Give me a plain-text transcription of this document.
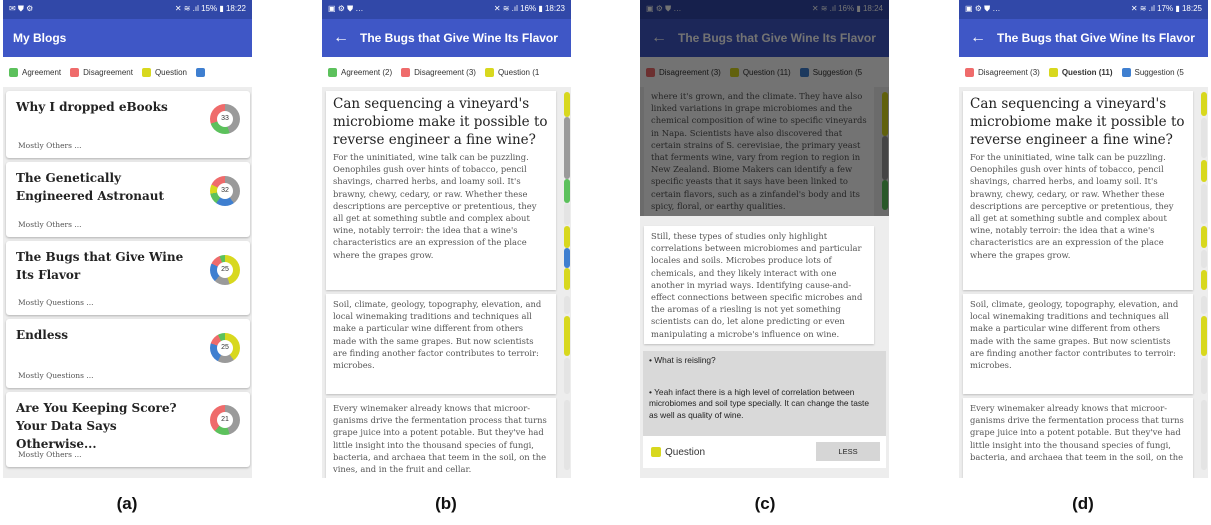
✉ ⛊ ⚙	✕ ≋ .ıl 15% ▮ 18:22
My Blogs
Agreement	Disagreement	Question
Why I dropped eBooks
Mostly Others ...
33
The Genetically Engineered Astronaut
Mostly Others ...
32
The Bugs that Give Wine Its Flavor
Mostly Questions ...
25
Endless
Mostly Questions ...
25
Are You Keeping Score? Your Data Says Otherwise...
Mostly Others ...
21
▣ ⚙ ⛊ …	✕ ≋ .ıl 16% ▮ 18:23
← The Bugs that Give Wine Its Flavor
Agreement (2)	Disagreement (3)	Question (1
Can sequencing a vineyard's microbiome make it possible to reverse engineer a fine wine?
For the uninitiated, wine talk can be puzzling. Oenophiles gush over hints of tobacco, pencil shavings, charred herbs, and loamy soil. It's brawny, chewy, cedary, or raw. Whether these descriptions are perceptive or pretentious, they all get at something subtle and complex about wine, notably terroir: the idea that a wine's characteristics are an expression of the place where the grapes grow.
Soil, climate, geology, topography, elevation, and local winemaking traditions and techniques all make a particular wine different from others made with the same grapes. But now scientists are finding another factor contributes to terroir: microbes.
Every winemaker already knows that microor- ganisms drive the fermentation process that turns grape juice into a potent potable. But they've had little insight into the thousand species of fungi, bacteria, and archaea that teem in the soil, on the vines, and in the fruit and cellar.
Still, these types of studies only highlight correlations between microbiomes and particular locales and soils. Microbes produce lots of chemicals, and they likely interact with one another in myriad ways. Identifying cause-and-effect connections between specific microbes and the aromas of a riesling is not yet something scientists can do, let alone predicting or even manipulating a microbe's influence on wine.
• What is reisling?
• Yeah infact there is a high level of correlation between microbiomes and soil type specially. It can change the taste as well as quality of wine.
Question	LESS
▣ ⚙ ⛊ …	✕ ≋ .ıl 17% ▮ 18:25
← The Bugs that Give Wine Its Flavor
Disagreement (3)	Question (11)	Suggestion (5
Can sequencing a vineyard's microbiome make it possible to reverse engineer a fine wine?
For the uninitiated, wine talk can be puzzling. Oenophiles gush over hints of tobacco, pencil shavings, charred herbs, and loamy soil. It's brawny, chewy, cedary, or raw. Whether these descriptions are perceptive or pretentious, they all get at something subtle and complex about wine, notably terroir: the idea that a wine's characteristics are an expression of the place where the grapes grow.
Soil, climate, geology, topography, elevation, and local winemaking traditions and techniques all make a particular wine different from others made with the same grapes. But now scientists are finding another factor contributes to terroir: microbes.
Every winemaker already knows that microor- ganisms drive the fermentation process that turns grape juice into a potent potable. But they've had little insight into the thousand species of fungi, bacteria, and archaea that teem in the soil, on the
(a)	(b)	(c)	(d)
